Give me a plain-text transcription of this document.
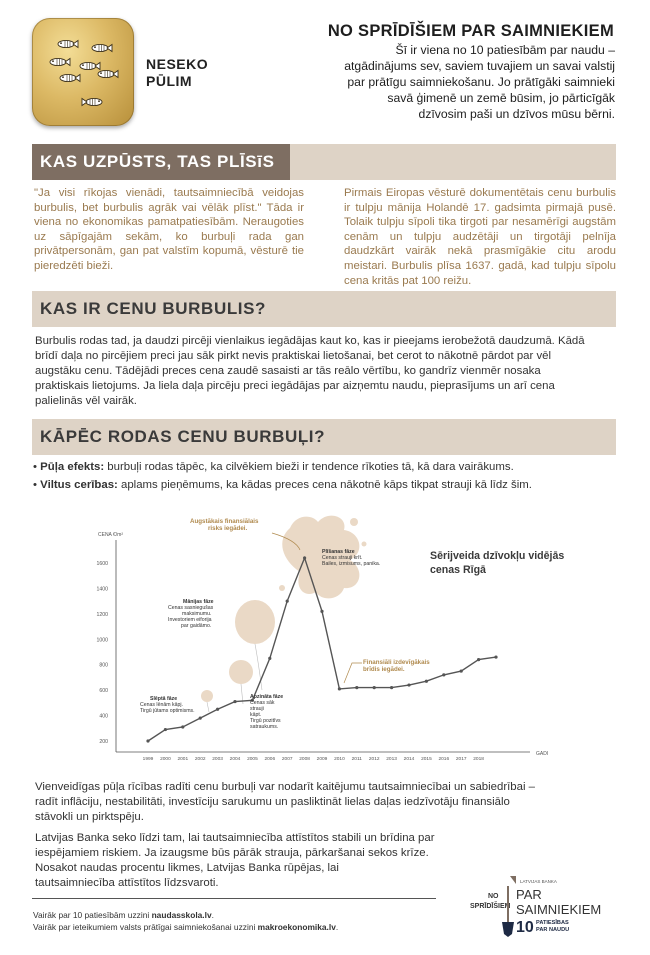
NESEKO
PŪLIM
NO SPRĪDĪŠIEM PAR SAIMNIEKIEM
Šī ir viena no 10 patiesībām par naudu –
atgādinājums sev, saviem tuvajiem un savai valstij
par prātīgu saimniekošanu. Jo prātīgāki saimnieki
savā ģimenē un zemē būsim, jo pārticīgāk
dzīvosim paši un dzīvos mūsu bērni.
KAS UZPŪSTS, TAS PLĪSīS
"Ja visi rīkojas vienādi, tautsaimniecībā veidojas burbulis, bet burbulis agrāk vai vēlāk plīst." Tāda ir viena no ekonomikas pamatpatiesībām. Neraugoties uz sāpīgajām sekām, ko burbuļi rada gan privātpersonām, gan pat valstīm kopumā, vēsturē tie pieredzēti bieži.
Pirmais Eiropas vēsturē dokumentētais cenu burbulis ir tulpju mānija Holandē 17. gadsimta pirmajā pusē. Tolaik tulpju sīpoli tika tirgoti par nesamērīgi augstām cenām un tulpju audzētāji un tirgotāji pelnīja daudzkārt vairāk nekā prasmīgākie citu arodu meistari. Burbulis plīsa 1637. gadā, kad tulpju sīpolu cena kritās pat 100 reižu.
KAS IR CENU BURBULIS?
Burbulis rodas tad, ja daudzi pircēji vienlaikus iegādājas kaut ko, kas ir pieejams ierobežotā daudzumā. Kādā
brīdī daļa no pircējiem preci jau sāk pirkt nevis praktiskai lietošanai, bet cerot to nākotnē pārdot par vēl
augstāku cenu. Tādējādi preces cena zaudē sasaisti ar tās reālo vērtību, ko gandrīz vienmēr nosaka
praktiskais lietojums. Ja liela daļa pircēju preci iegādājas par aizņemtu naudu, pieprasījums un arī cena
palielinās vēl vairāk.
KĀPĒC RODAS CENU BURBUĻI?
• Pūļa efekts: burbuļi rodas tāpēc, ka cilvēkiem bieži ir tendence rīkoties tā, kā dara vairākums.
• Viltus cerības: aplams pieņēmums, ka kādas preces cena nākotnē kāps tikpat strauji kā līdz šim.
CENA €/m²
GADI
200
400
600
800
1000
1200
1400
1600
1999 2000 2001 2002 2003 2004 2005 2006 2007 2008 2009 2010 2011 2012 2013 2014 2015 2016 2017 2018
Slēptā fāze
Cenas lēnām kāpj.
Tirgū jūtams optimisms.
Apzināta fāze
Cenas sāk
strauji
kāpt.
Tirgū pozitīvs
satraukums.
Mānijas fāze
Cenas sasniegušas
maksimumu.
Investoriem eiforija
par gaidāmo.
Plīšanas fāze
Cenas strauji krīt.
Bailes, izmisums, panika.
Augstākais finansiālais
risks iegādei.
Finansiāli izdevīgākais
brīdis iegādei.
Sērijveida dzīvokļu vidējās cenas Rīgā
Vienveidīgas pūļa rīcības radīti cenu burbuļi var nodarīt kaitējumu tautsaimniecībai un sabiedrībai –
radīt inflāciju, nestabilitāti, investīciju sarukumu un pasliktināt lielas daļas iedzīvotāju finansiālo
stāvokli un pirktspēju.
Latvijas Banka seko līdzi tam, lai tautsaimniecība attīstītos stabili un brīdina par
iespējamiem riskiem. Ja izaugsme būs pārāk strauja, pārkaršanai sekos krīze.
Nosakot naudas procentu likmes, Latvijas Banka rūpējas, lai
tautsaimniecība attīstītos līdzsvaroti.
Vairāk par 10 patiesībām uzzini naudasskola.lv.
Vairāk par ieteikumiem valsts prātīgai saimniekošanai uzzini makroekonomika.lv.
LATVIJAS BANKA
NO
SPRĪDĪŠIEM
PAR
SAIMNIEKIEM
10 PATIESĪBAS
PAR NAUDU
